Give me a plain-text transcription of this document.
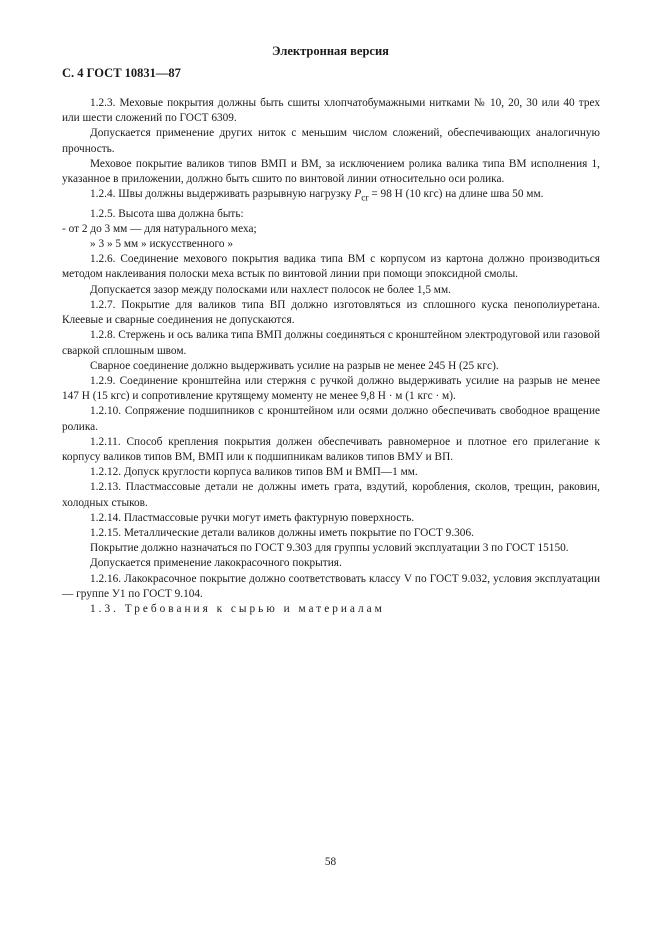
Электронная версия
С. 4 ГОСТ 10831—87

1.2.3. Меховые покрытия должны быть сшиты хлопчатобумажными нитками № 10, 20, 30 или 40 трех или шести сложений по ГОСТ 6309.

Допускается применение других ниток с меньшим числом сложений, обеспечивающих аналогичную прочность.

Меховое покрытие валиков типов ВМП и ВМ, за исключением ролика валика типа ВМ исполнения 1, указанное в приложении, должно быть сшито по винтовой линии относительно оси ролика.

1.2.4. Швы должны выдерживать разрывную нагрузку $P_{cr} = 98$ Н (10 кгс) на длине шва 50 мм.

1.2.5. Высота шва должна быть:

- от 2 до 3 мм — для натурального меха;

» 3 » 5 мм » искусственного »

1.2.6. Соединение мехового покрытия вадика типа ВМ с корпусом из картона должно производиться методом наклеивания полоски меха встык по винтовой линии при помощи эпоксидной смолы.

Допускается зазор между полосками или нахлест полосок не более 1,5 мм.

1.2.7. Покрытие для валиков типа ВП должно изготовляться из сплошного куска пенополиуретана. Клеевые и сварные соединения не допускаются.

1.2.8. Стержень и ось валика типа ВМП должны соединяться с кронштейном электродуговой или газовой сваркой сплошным швом.

Сварное соединение должно выдерживать усилие на разрыв не менее 245 Н (25 кгс).

1.2.9. Соединение кронштейна или стержня с ручкой должно выдерживать усилие на разрыв не менее 147 Н (15 кгс) и сопротивление крутящему моменту не менее 9,8 Н · м (1 кгс · м).

1.2.10. Сопряжение подшипников с кронштейном или осями должно обеспечивать свободное вращение ролика.

1.2.11. Способ крепления покрытия должен обеспечивать равномерное и плотное его прилегание к корпусу валиков типов ВМ, ВМП или к подшипникам валиков типов ВМУ и ВП.

1.2.12. Допуск круглости корпуса валиков типов ВМ и ВМП—1 мм.

1.2.13. Пластмассовые детали не должны иметь грата, вздутий, коробления, сколов, трещин, раковин, холодных стыков.

1.2.14. Пластмассовые ручки могут иметь фактурную поверхность.

1.2.15. Металлические детали валиков должны иметь покрытие по ГОСТ 9.306.

Покрытие должно назначаться по ГОСТ 9.303 для группы условий эксплуатации 3 по ГОСТ 15150.

Допускается применение лакокрасочного покрытия.

1.2.16. Лакокрасочное покрытие должно соответствовать классу V по ГОСТ 9.032, условия эксплуатации — группе У1 по ГОСТ 9.104.

1.3. Требования к сырью и материалам

58
